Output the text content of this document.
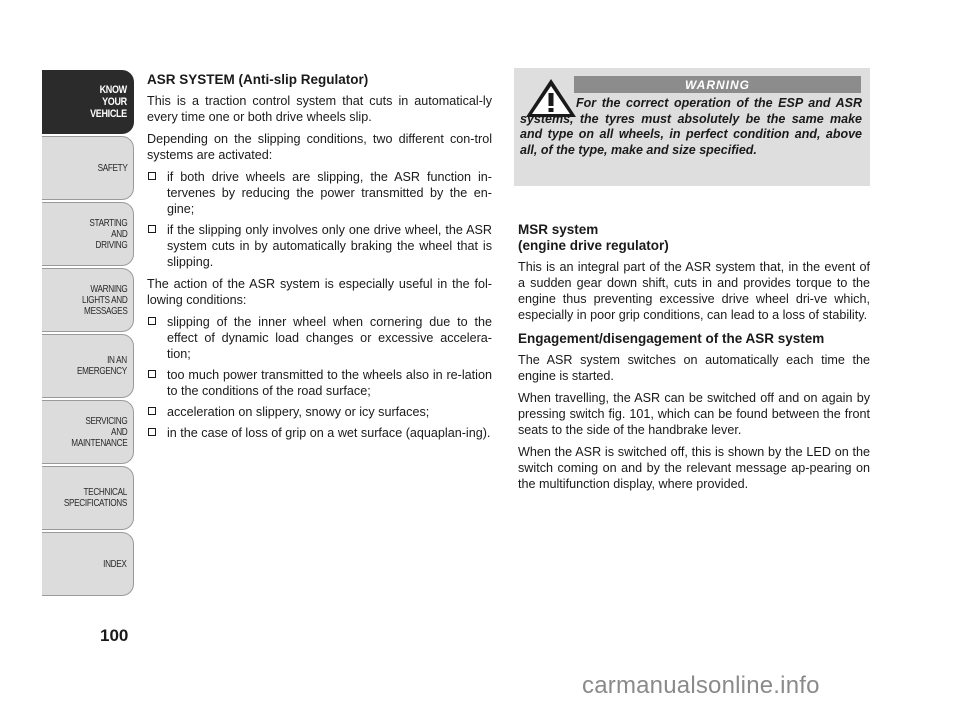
KNOW
YOUR
VEHICLE
SAFETY
STARTING
AND
DRIVING
WARNING
LIGHTS AND
MESSAGES
IN AN
EMERGENCY
SERVICING
AND
MAINTENANCE
TECHNICAL
SPECIFICATIONS
INDEX
100
ASR SYSTEM (Anti-slip Regulator)
This is a traction control system that cuts in automatical-ly every time one or both drive wheels slip.
Depending on the slipping conditions, two different con-trol systems are activated:
if both drive wheels are slipping, the ASR function in-tervenes by reducing the power transmitted by the en-gine;
if the slipping only involves only one drive wheel, the ASR system cuts in by automatically braking the wheel that is slipping.
The action of the ASR system is especially useful in the fol-lowing conditions:
slipping of the inner wheel when cornering due to the effect of dynamic load changes or excessive accelera-tion;
too much power transmitted to the wheels also in re-lation to the conditions of the road surface;
acceleration on slippery, snowy or icy surfaces;
in the case of loss of grip on a wet surface (aquaplan-ing).
WARNING
For the correct operation of the ESP and ASR systems, the tyres must absolutely be the same make and type on all wheels, in perfect condition and, above all, of the type, make and size specified.
MSR system
(engine drive regulator)
This is an integral part of the ASR system that, in the event of a sudden gear down shift, cuts in and provides torque to the engine thus preventing excessive drive wheel dri-ve which, especially in poor grip conditions, can lead to a loss of stability.
Engagement/disengagement of the ASR system
The ASR system switches on automatically each time the engine is started.
When travelling, the ASR can be switched off and on again by pressing switch fig. 101, which can be found between the front seats to the side of the handbrake lever.
When the ASR is switched off, this is shown by the LED on the switch coming on and by the relevant message ap-pearing on the multifunction display, where provided.
carmanualsonline.info
